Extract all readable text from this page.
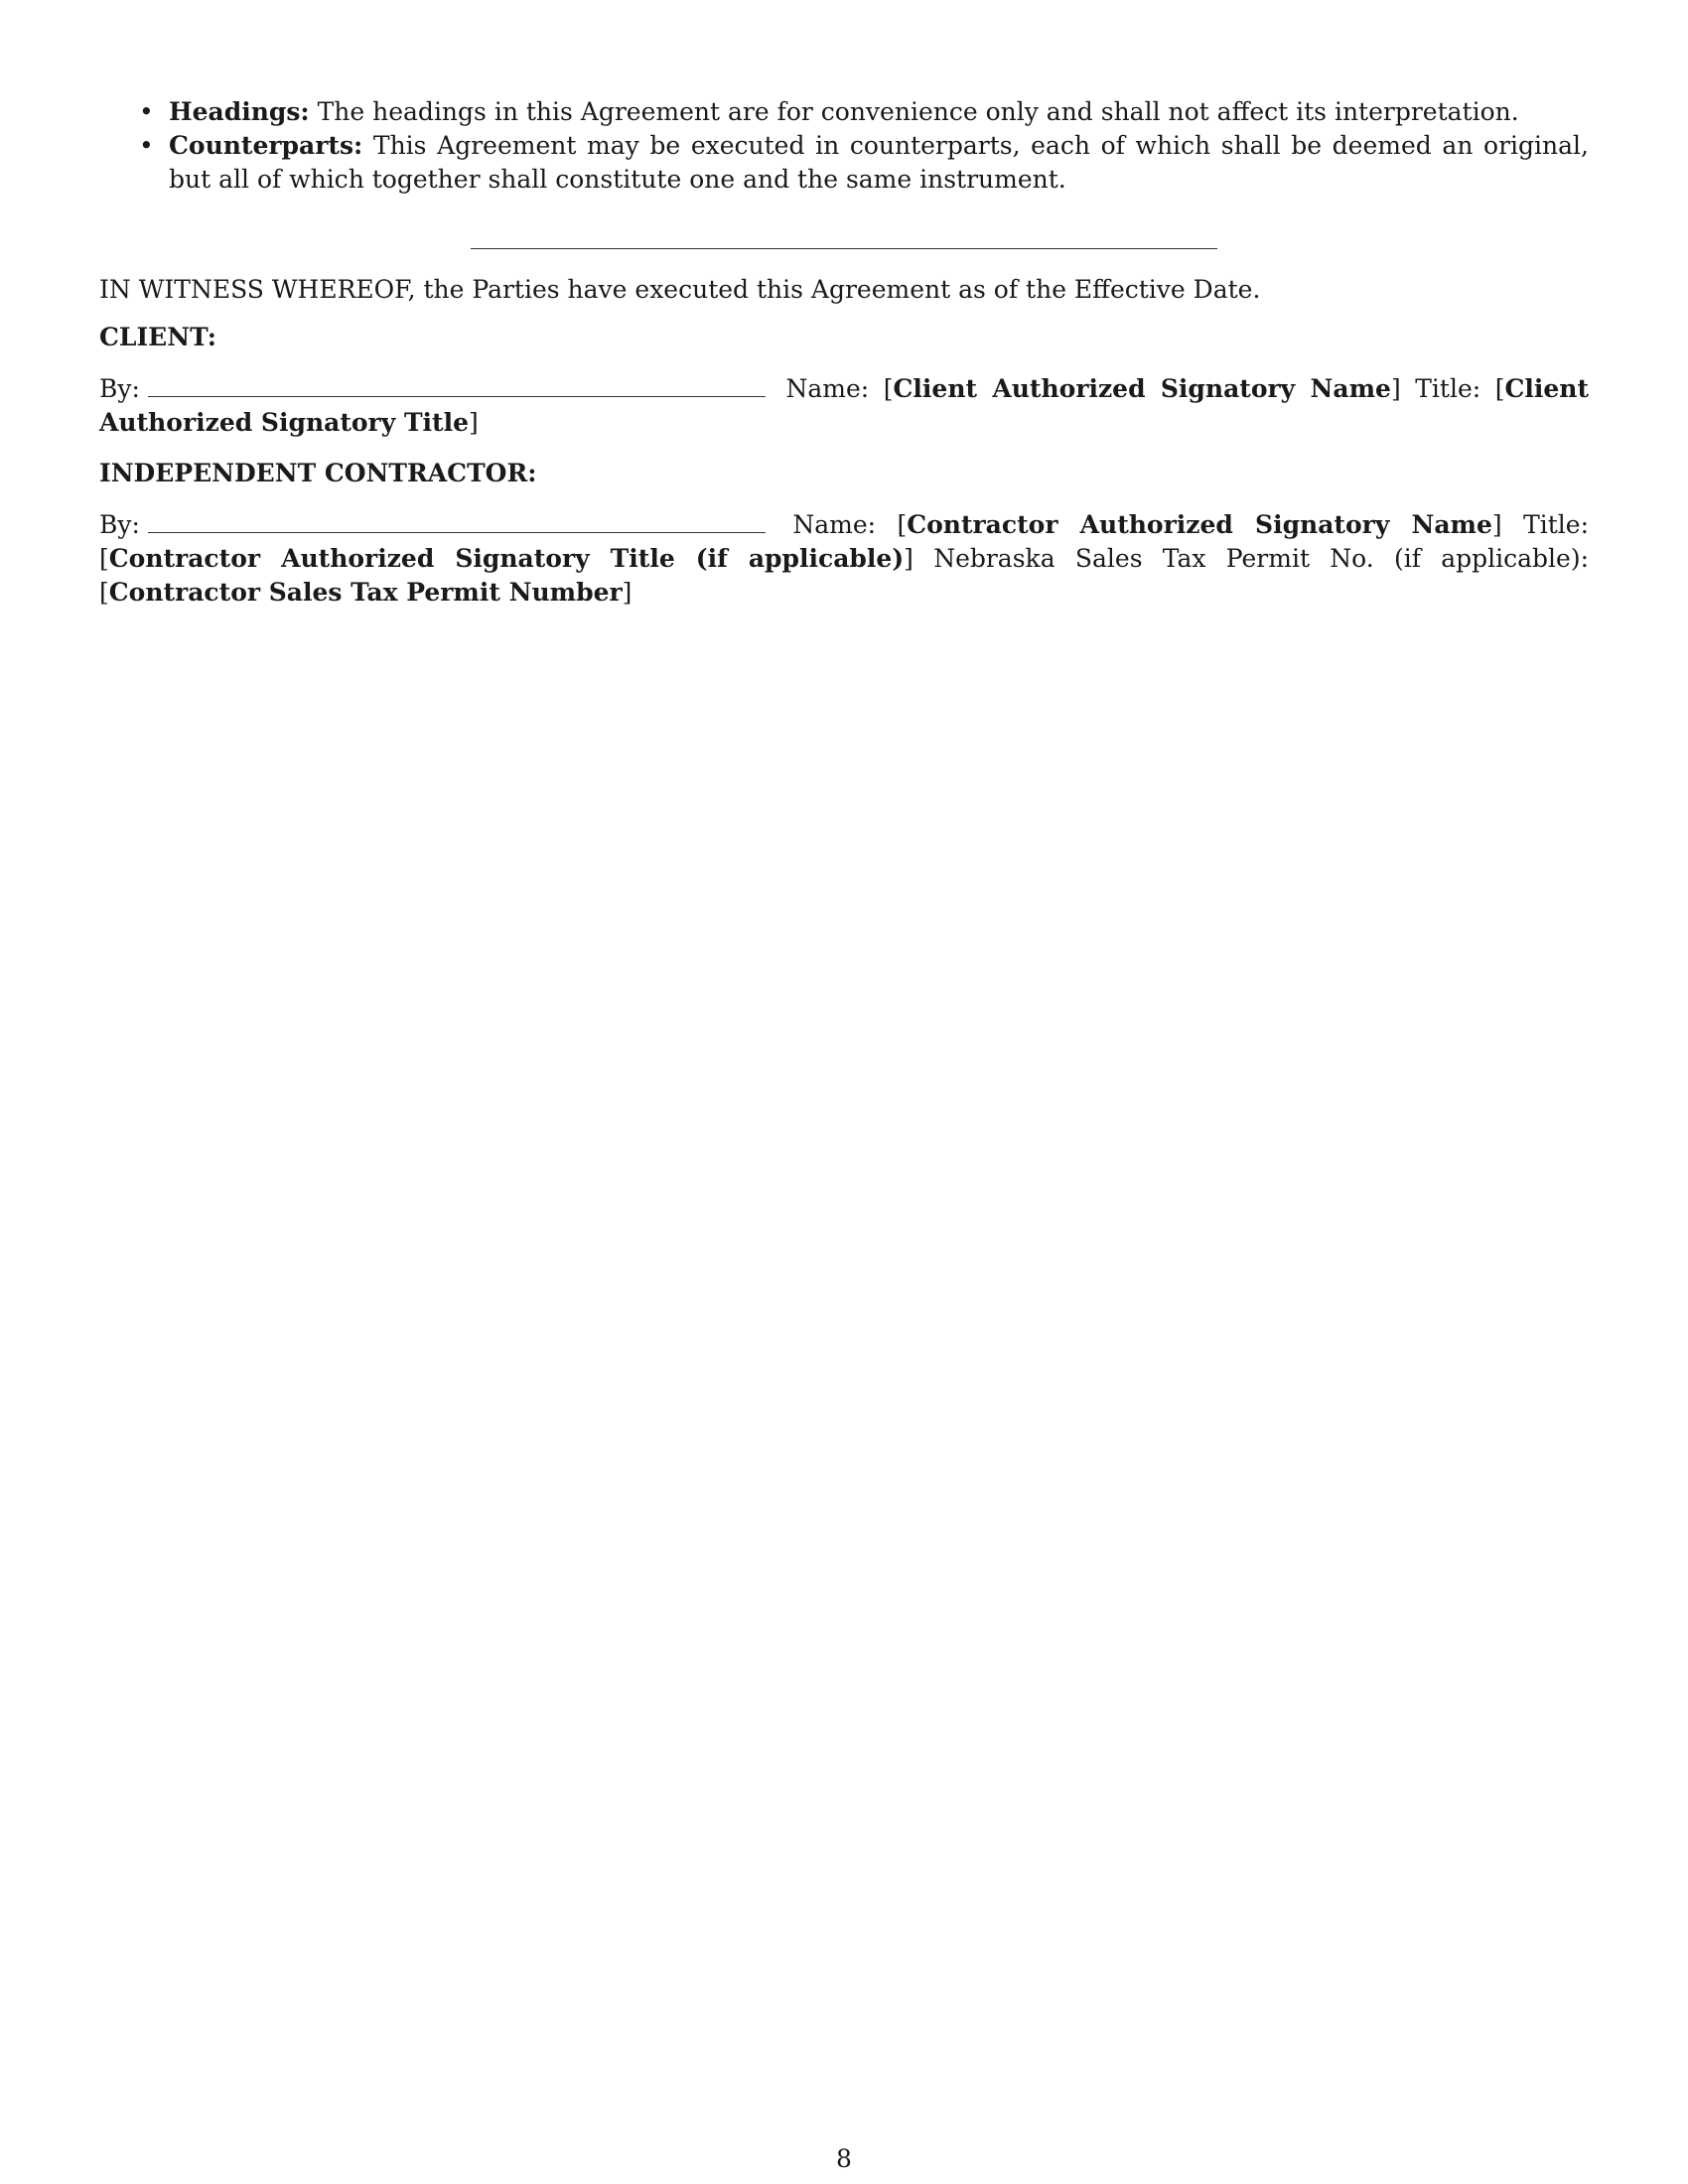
• Headings: The headings in this Agreement are for convenience only and shall not affect its interpretation.
• Counterparts: This Agreement may be executed in counterparts, each of which shall be deemed an original, but all of which together shall constitute one and the same instrument.

IN WITNESS WHEREOF, the Parties have executed this Agreement as of the Effective Date.

CLIENT:

By:	Name: [Client Authorized Signatory Name] Title: [Client Authorized Signatory Title]

INDEPENDENT CONTRACTOR:

By:	Name: [Contractor Authorized Signatory Name] Title: [Contractor Authorized Signatory Title (if applicable)] Nebraska Sales Tax Permit No. (if applicable): [Contractor Sales Tax Permit Number]

8
